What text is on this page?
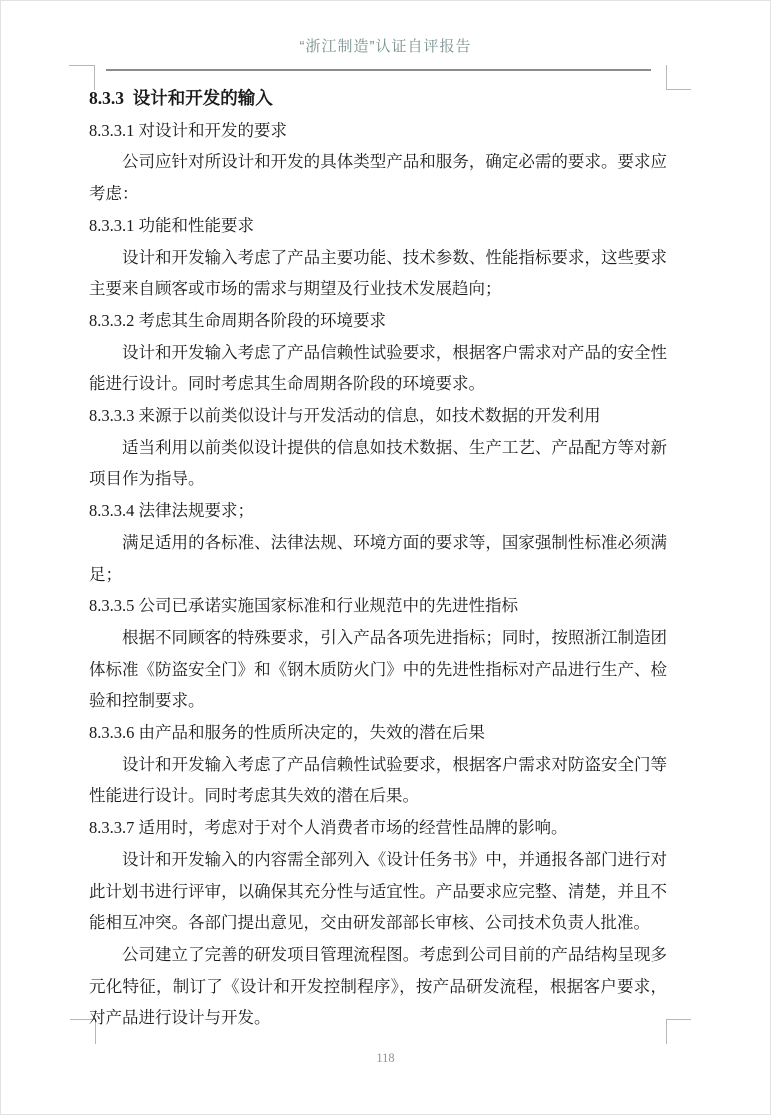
“浙江制造”认证自评报告

8.3.3  设计和开发的输入

8.3.3.1 对设计和开发的要求

公司应针对所设计和开发的具体类型产品和服务，确定必需的要求。要求应考虑：

8.3.3.1 功能和性能要求

设计和开发输入考虑了产品主要功能、技术参数、性能指标要求，这些要求主要来自顾客或市场的需求与期望及行业技术发展趋向；

8.3.3.2 考虑其生命周期各阶段的环境要求

设计和开发输入考虑了产品信赖性试验要求，根据客户需求对产品的安全性能进行设计。同时考虑其生命周期各阶段的环境要求。

8.3.3.3 来源于以前类似设计与开发活动的信息，如技术数据的开发利用

适当利用以前类似设计提供的信息如技术数据、生产工艺、产品配方等对新项目作为指导。

8.3.3.4 法律法规要求；

满足适用的各标准、法律法规、环境方面的要求等，国家强制性标准必须满足；

8.3.3.5 公司已承诺实施国家标准和行业规范中的先进性指标

根据不同顾客的特殊要求，引入产品各项先进指标；同时，按照浙江制造团体标准《防盗安全门》和《钢木质防火门》中的先进性指标对产品进行生产、检验和控制要求。

8.3.3.6 由产品和服务的性质所决定的，失效的潜在后果

设计和开发输入考虑了产品信赖性试验要求，根据客户需求对防盗安全门等性能进行设计。同时考虑其失效的潜在后果。

8.3.3.7 适用时，考虑对于对个人消费者市场的经营性品牌的影响。

设计和开发输入的内容需全部列入《设计任务书》中，并通报各部门进行对此计划书进行评审，以确保其充分性与适宜性。产品要求应完整、清楚，并且不能相互冲突。各部门提出意见，交由研发部部长审核、公司技术负责人批准。

公司建立了完善的研发项目管理流程图。考虑到公司目前的产品结构呈现多元化特征，制订了《设计和开发控制程序》，按产品研发流程，根据客户要求，对产品进行设计与开发。

118
